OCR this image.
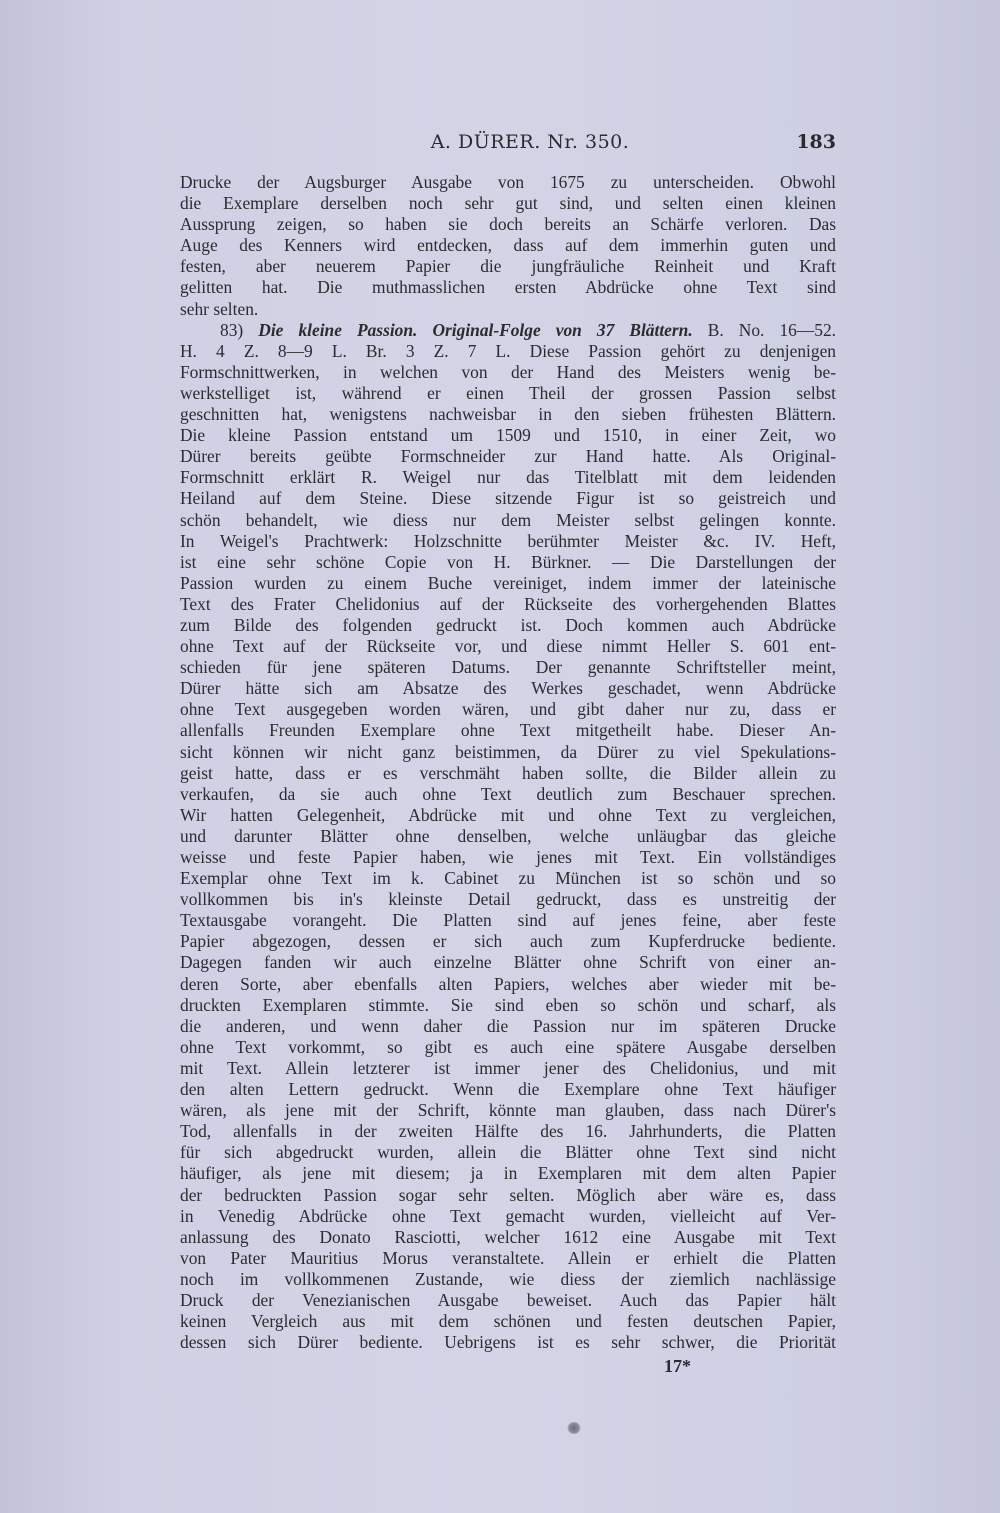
A. DÜRER. Nr. 350.	183
Drucke der Augsburger Ausgabe von 1675 zu unterscheiden. Obwohl
die Exemplare derselben noch sehr gut sind, und selten einen kleinen
Aussprung zeigen, so haben sie doch bereits an Schärfe verloren. Das
Auge des Kenners wird entdecken, dass auf dem immerhin guten und
festen, aber neuerem Papier die jungfräuliche Reinheit und Kraft
gelitten hat. Die muthmasslichen ersten Abdrücke ohne Text sind
sehr selten.
83) Die kleine Passion. Original-Folge von 37 Blättern. B. No. 16—52.
H. 4 Z. 8—9 L. Br. 3 Z. 7 L. Diese Passion gehört zu denjenigen
Formschnittwerken, in welchen von der Hand des Meisters wenig be-
werkstelliget ist, während er einen Theil der grossen Passion selbst
geschnitten hat, wenigstens nachweisbar in den sieben frühesten Blättern.
Die kleine Passion entstand um 1509 und 1510, in einer Zeit, wo
Dürer bereits geübte Formschneider zur Hand hatte. Als Original-
Formschnitt erklärt R. Weigel nur das Titelblatt mit dem leidenden
Heiland auf dem Steine. Diese sitzende Figur ist so geistreich und
schön behandelt, wie diess nur dem Meister selbst gelingen konnte.
In Weigel's Prachtwerk: Holzschnitte berühmter Meister &c. IV. Heft,
ist eine sehr schöne Copie von H. Bürkner. — Die Darstellungen der
Passion wurden zu einem Buche vereiniget, indem immer der lateinische
Text des Frater Chelidonius auf der Rückseite des vorhergehenden Blattes
zum Bilde des folgenden gedruckt ist. Doch kommen auch Abdrücke
ohne Text auf der Rückseite vor, und diese nimmt Heller S. 601 ent-
schieden für jene späteren Datums. Der genannte Schriftsteller meint,
Dürer hätte sich am Absatze des Werkes geschadet, wenn Abdrücke
ohne Text ausgegeben worden wären, und gibt daher nur zu, dass er
allenfalls Freunden Exemplare ohne Text mitgetheilt habe. Dieser An-
sicht können wir nicht ganz beistimmen, da Dürer zu viel Spekulations-
geist hatte, dass er es verschmäht haben sollte, die Bilder allein zu
verkaufen, da sie auch ohne Text deutlich zum Beschauer sprechen.
Wir hatten Gelegenheit, Abdrücke mit und ohne Text zu vergleichen,
und darunter Blätter ohne denselben, welche unläugbar das gleiche
weisse und feste Papier haben, wie jenes mit Text. Ein vollständiges
Exemplar ohne Text im k. Cabinet zu München ist so schön und so
vollkommen bis in's kleinste Detail gedruckt, dass es unstreitig der
Textausgabe vorangeht. Die Platten sind auf jenes feine, aber feste
Papier abgezogen, dessen er sich auch zum Kupferdrucke bediente.
Dagegen fanden wir auch einzelne Blätter ohne Schrift von einer an-
deren Sorte, aber ebenfalls alten Papiers, welches aber wieder mit be-
druckten Exemplaren stimmte. Sie sind eben so schön und scharf, als
die anderen, und wenn daher die Passion nur im späteren Drucke
ohne Text vorkommt, so gibt es auch eine spätere Ausgabe derselben
mit Text. Allein letzterer ist immer jener des Chelidonius, und mit
den alten Lettern gedruckt. Wenn die Exemplare ohne Text häufiger
wären, als jene mit der Schrift, könnte man glauben, dass nach Dürer's
Tod, allenfalls in der zweiten Hälfte des 16. Jahrhunderts, die Platten
für sich abgedruckt wurden, allein die Blätter ohne Text sind nicht
häufiger, als jene mit diesem; ja in Exemplaren mit dem alten Papier
der bedruckten Passion sogar sehr selten. Möglich aber wäre es, dass
in Venedig Abdrücke ohne Text gemacht wurden, vielleicht auf Ver-
anlassung des Donato Rasciotti, welcher 1612 eine Ausgabe mit Text
von Pater Mauritius Morus veranstaltete. Allein er erhielt die Platten
noch im vollkommenen Zustande, wie diess der ziemlich nachlässige
Druck der Venezianischen Ausgabe beweiset. Auch das Papier hält
keinen Vergleich aus mit dem schönen und festen deutschen Papier,
dessen sich Dürer bediente. Uebrigens ist es sehr schwer, die Priorität
17*
